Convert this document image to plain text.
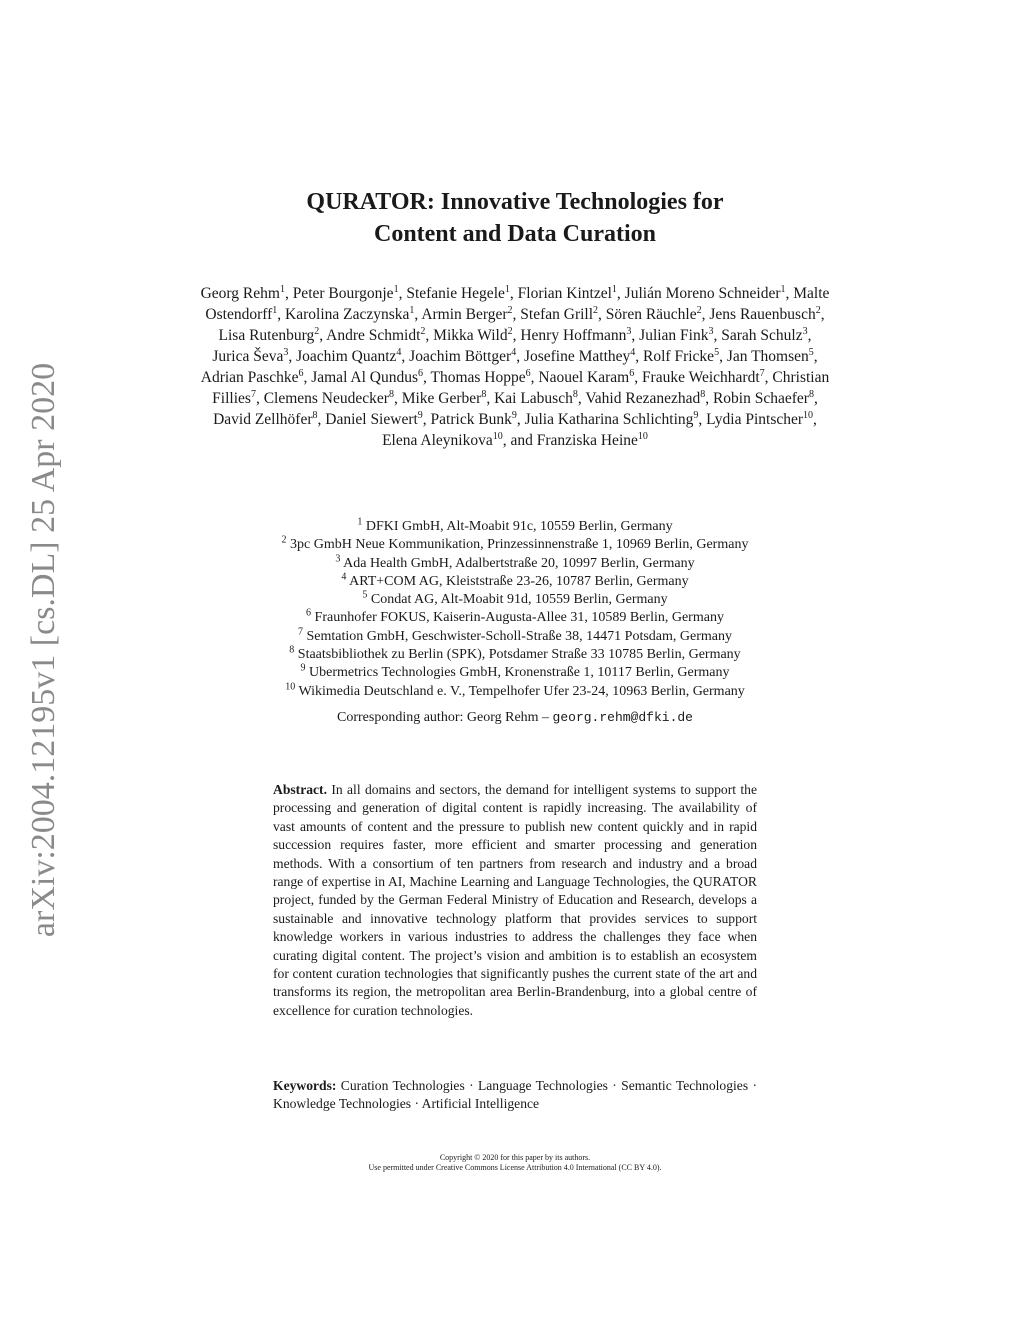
arXiv:2004.12195v1 [cs.DL] 25 Apr 2020
QURATOR: Innovative Technologies for
Content and Data Curation
Georg Rehm$^1$, Peter Bourgonje$^1$, Stefanie Hegele$^1$, Florian Kintzel$^1$, Julián Moreno Schneider$^1$, Malte Ostendorff$^1$, Karolina Zaczynska$^1$, Armin Berger$^2$, Stefan Grill$^2$, Sören Räuchle$^2$, Jens Rauenbusch$^2$, Lisa Rutenburg$^2$, Andre Schmidt$^2$, Mikka Wild$^2$, Henry Hoffmann$^3$, Julian Fink$^3$, Sarah Schulz$^3$, Jurica Ševa$^3$, Joachim Quantz$^4$, Joachim Böttger$^4$, Josefine Matthey$^4$, Rolf Fricke$^5$, Jan Thomsen$^5$, Adrian Paschke$^6$, Jamal Al Qundus$^6$, Thomas Hoppe$^6$, Naouel Karam$^6$, Frauke Weichhardt$^7$, Christian Fillies$^7$, Clemens Neudecker$^8$, Mike Gerber$^8$, Kai Labusch$^8$, Vahid Rezanezhad$^8$, Robin Schaefer$^8$, David Zellhöfer$^8$, Daniel Siewert$^9$, Patrick Bunk$^9$, Julia Katharina Schlichting$^9$, Lydia Pintscher$^{10}$, Elena Aleynikova$^{10}$, and Franziska Heine$^{10}$
$^1$ DFKI GmbH, Alt-Moabit 91c, 10559 Berlin, Germany
$^2$ 3pc GmbH Neue Kommunikation, Prinzessinnenstraße 1, 10969 Berlin, Germany
$^3$ Ada Health GmbH, Adalbertstraße 20, 10997 Berlin, Germany
$^4$ ART+COM AG, Kleiststraße 23-26, 10787 Berlin, Germany
$^5$ Condat AG, Alt-Moabit 91d, 10559 Berlin, Germany
$^6$ Fraunhofer FOKUS, Kaiserin-Augusta-Allee 31, 10589 Berlin, Germany
$^7$ Semtation GmbH, Geschwister-Scholl-Straße 38, 14471 Potsdam, Germany
$^8$ Staatsbibliothek zu Berlin (SPK), Potsdamer Straße 33 10785 Berlin, Germany
$^9$ Ubermetrics Technologies GmbH, Kronenstraße 1, 10117 Berlin, Germany
$^{10}$ Wikimedia Deutschland e. V., Tempelhofer Ufer 23-24, 10963 Berlin, Germany
Corresponding author: Georg Rehm – georg.rehm@dfki.de
Abstract. In all domains and sectors, the demand for intelligent systems to support the processing and generation of digital content is rapidly increasing. The availability of vast amounts of content and the pressure to publish new content quickly and in rapid succession requires faster, more efficient and smarter processing and generation methods. With a consortium of ten partners from research and industry and a broad range of expertise in AI, Machine Learning and Language Technologies, the QURATOR project, funded by the German Federal Ministry of Education and Research, develops a sustainable and innovative technology platform that provides services to support knowledge workers in various industries to address the challenges they face when curating digital content. The project’s vision and ambition is to establish an ecosystem for content curation technologies that significantly pushes the current state of the art and transforms its region, the metropolitan area Berlin-Brandenburg, into a global centre of excellence for curation technologies.
Keywords: Curation Technologies · Language Technologies · Semantic Technologies · Knowledge Technologies · Artificial Intelligence
Copyright © 2020 for this paper by its authors.
Use permitted under Creative Commons License Attribution 4.0 International (CC BY 4.0).
